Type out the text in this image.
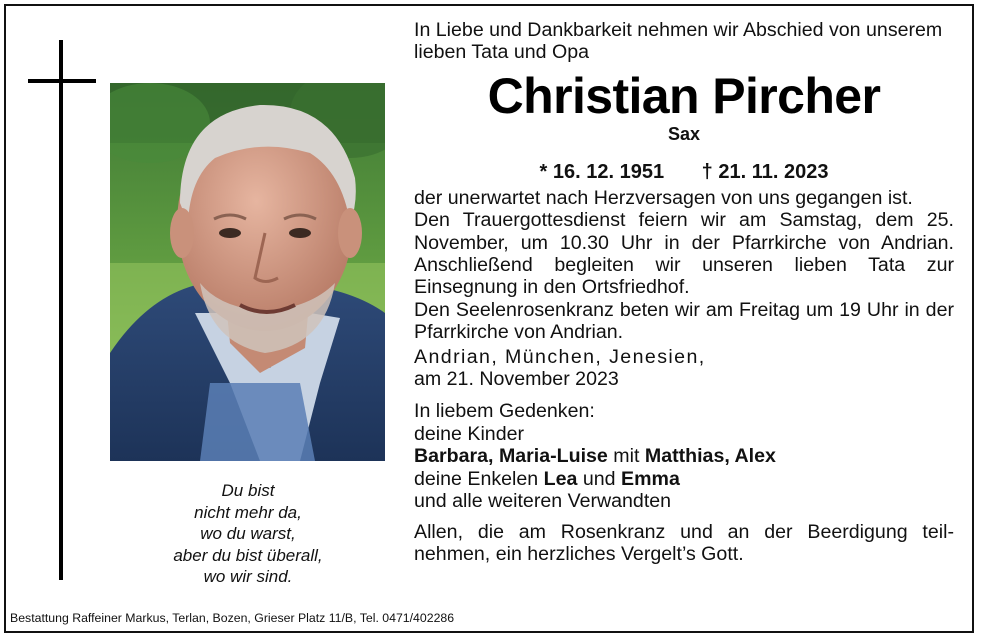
Du bist
nicht mehr da,
wo du warst,
aber du bist überall,
wo wir sind.
Bestattung Raffeiner Markus, Terlan, Bozen, Grieser Platz 11/B, Tel. 0471/402286

In Liebe und Dankbarkeit nehmen wir Abschied von unserem lieben Tata und Opa

Christian Pircher

Sax

* 16. 12. 1951 † 21. 11. 2023

der unerwartet nach Herzversagen von uns gegangen ist.

Den Trauergottesdienst feiern wir am Samstag, dem 25. November, um 10.30 Uhr in der Pfarrkirche von Andrian. Anschließend begleiten wir unseren lieben Tata zur Einsegnung in den Ortsfriedhof.

Den Seelenrosenkranz beten wir am Freitag um 19 Uhr in der Pfarrkirche von Andrian.

Andrian, München, Jenesien,

am 21. November 2023

In liebem Gedenken:
deine Kinder
Barbara, Maria-Luise mit Matthias, Alex
deine Enkelen Lea und Emma
und alle weiteren Verwandten

Allen, die am Rosenkranz und an der Beerdigung teil-nehmen, ein herzliches Vergelt’s Gott.
